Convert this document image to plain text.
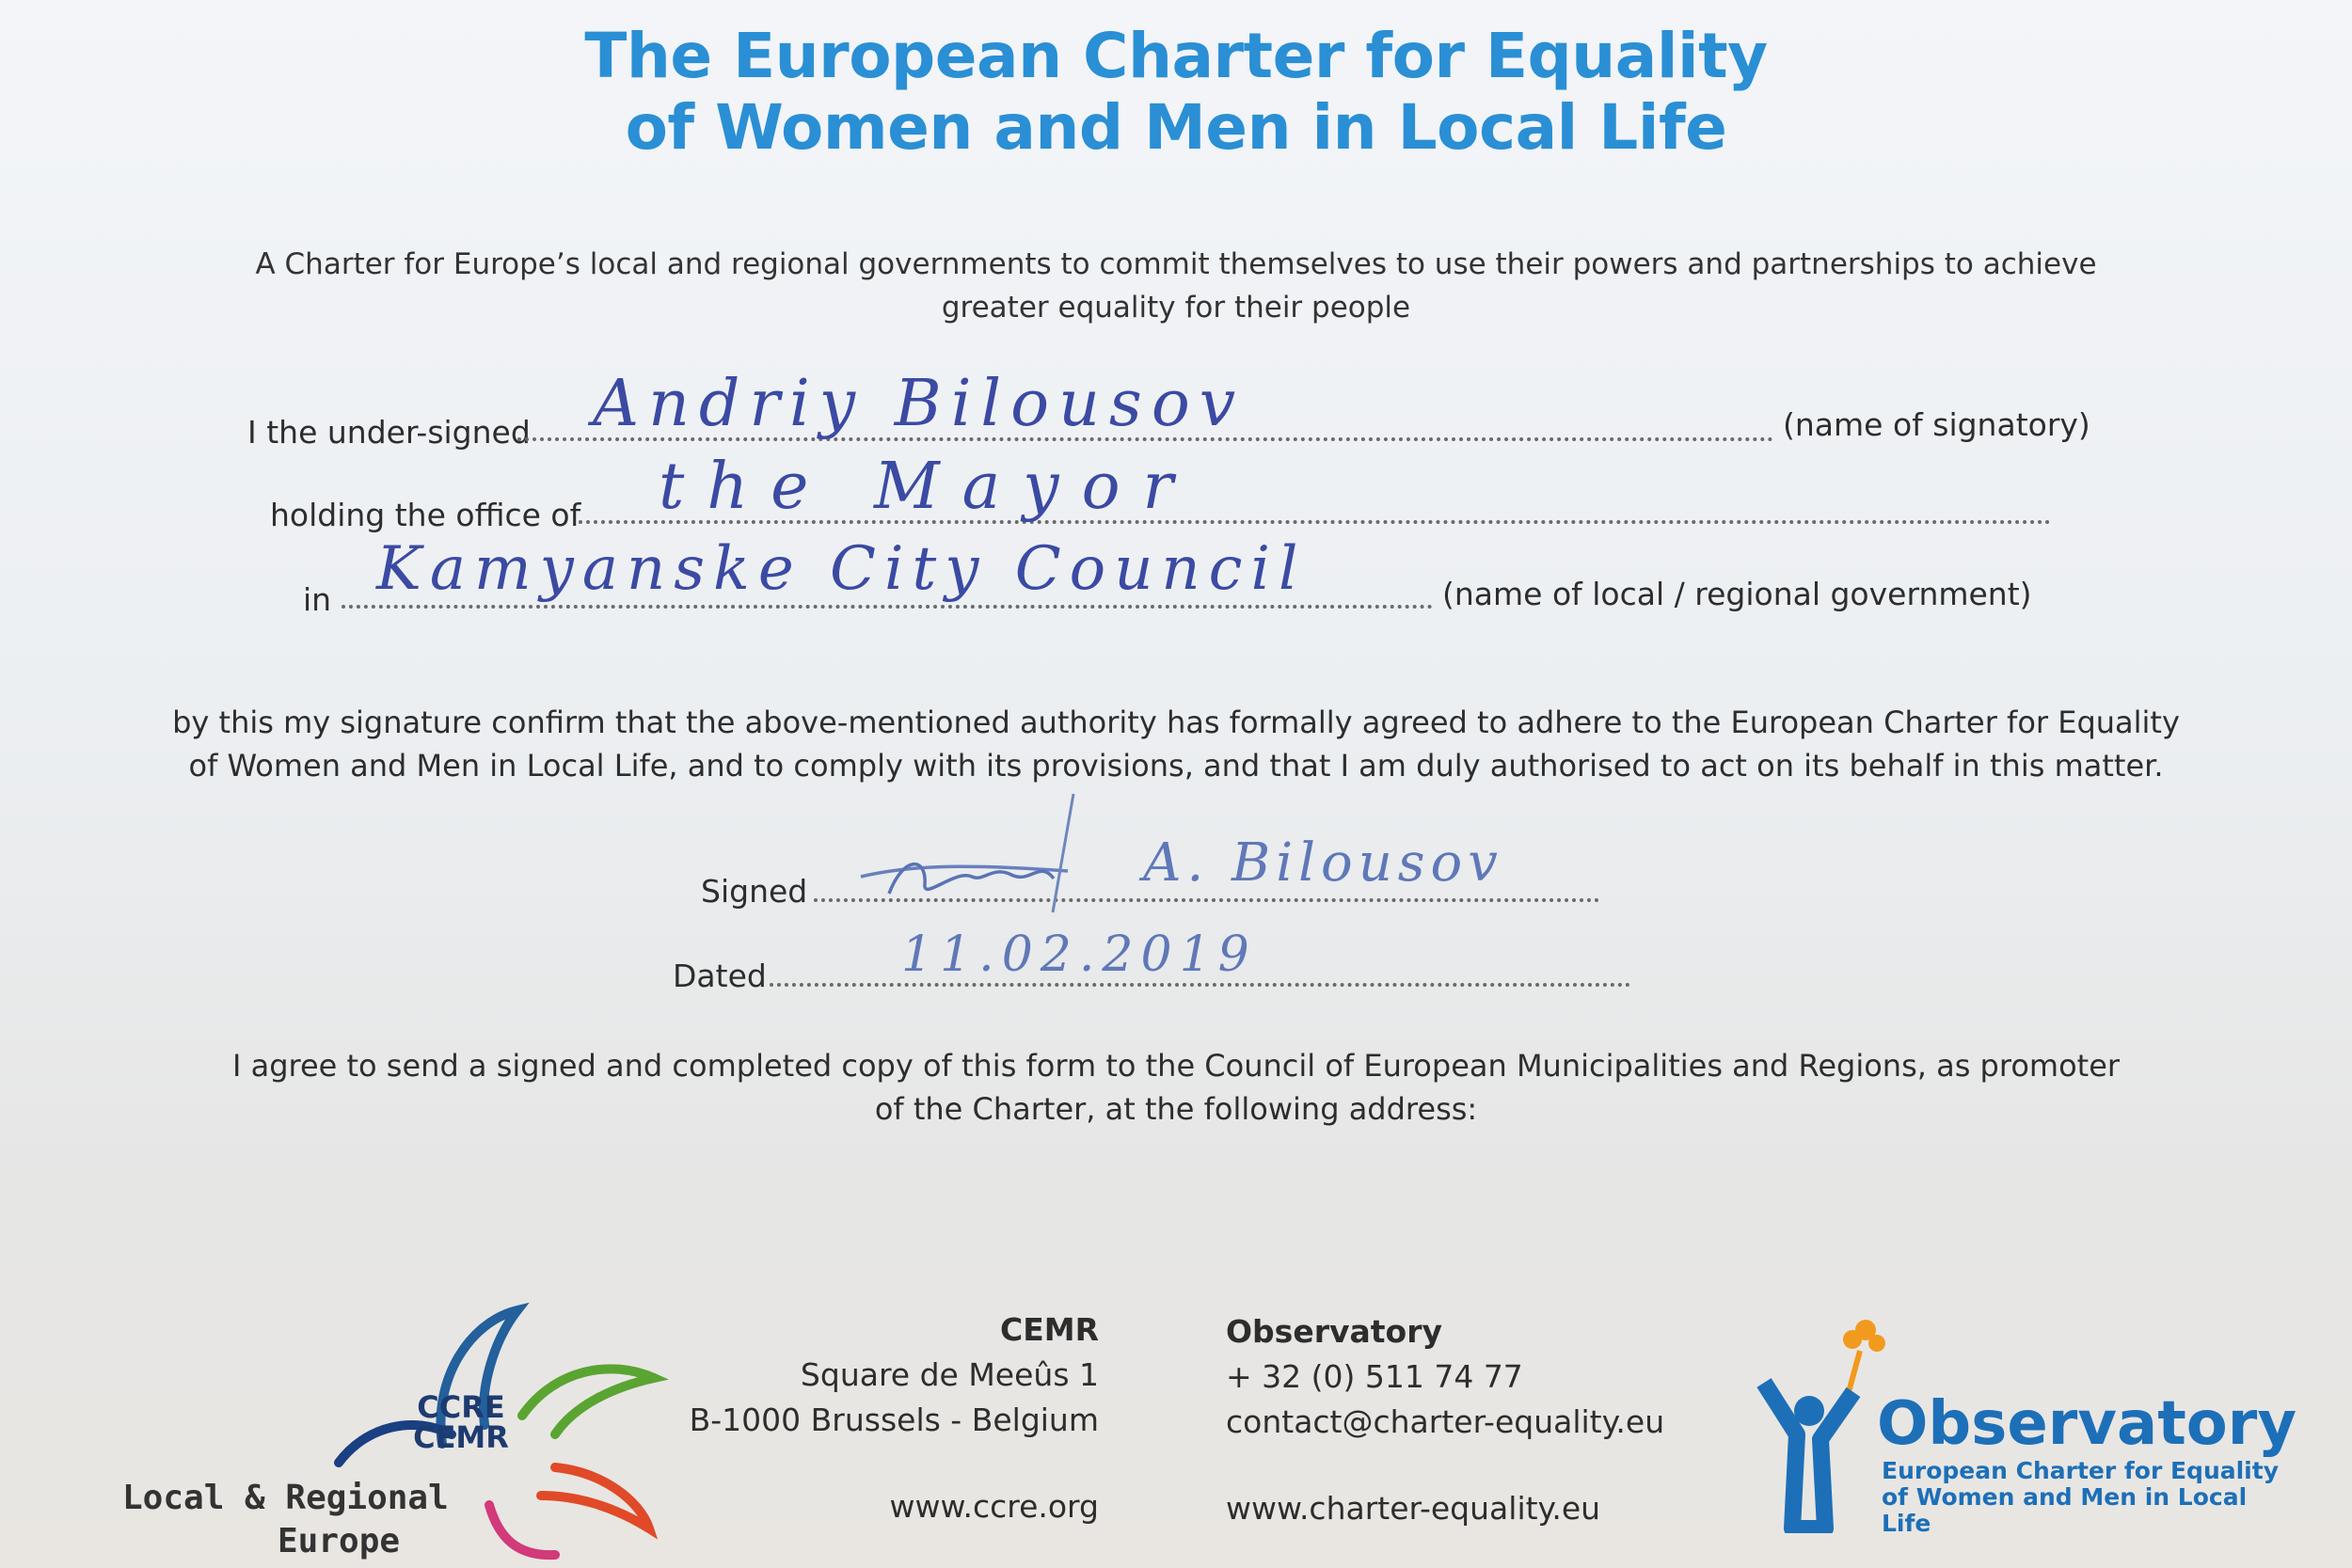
The European Charter for Equality
of Women and Men in Local Life
A Charter for Europe’s local and regional governments to commit themselves to use their powers and partnerships to achieve
greater equality for their people
I the under-signed Andriy Bilousov	(name of signatory)
holding the office of the Mayor
in Kamyanske City Council	(name of local / regional government)
by this my signature confirm that the above-mentioned authority has formally agreed to adhere to the European Charter for Equality
of Women and Men in Local Life, and to comply with its provisions, and that I am duly authorised to act on its behalf in this matter.
Signed	A. Bilousov
Dated	11.02.2019
I agree to send a signed and completed copy of this form to the Council of European Municipalities and Regions, as promoter
of the Charter, at the following address:
CCRE
CEMR
Local & Regional
Europe
CEMR
Square de Meeûs 1
B-1000 Brussels - Belgium
www.ccre.org
Observatory
+ 32 (0) 511 74 77
contact@charter-equality.eu
www.charter-equality.eu
Observatory
European Charter for Equality
of Women and Men in Local Life
